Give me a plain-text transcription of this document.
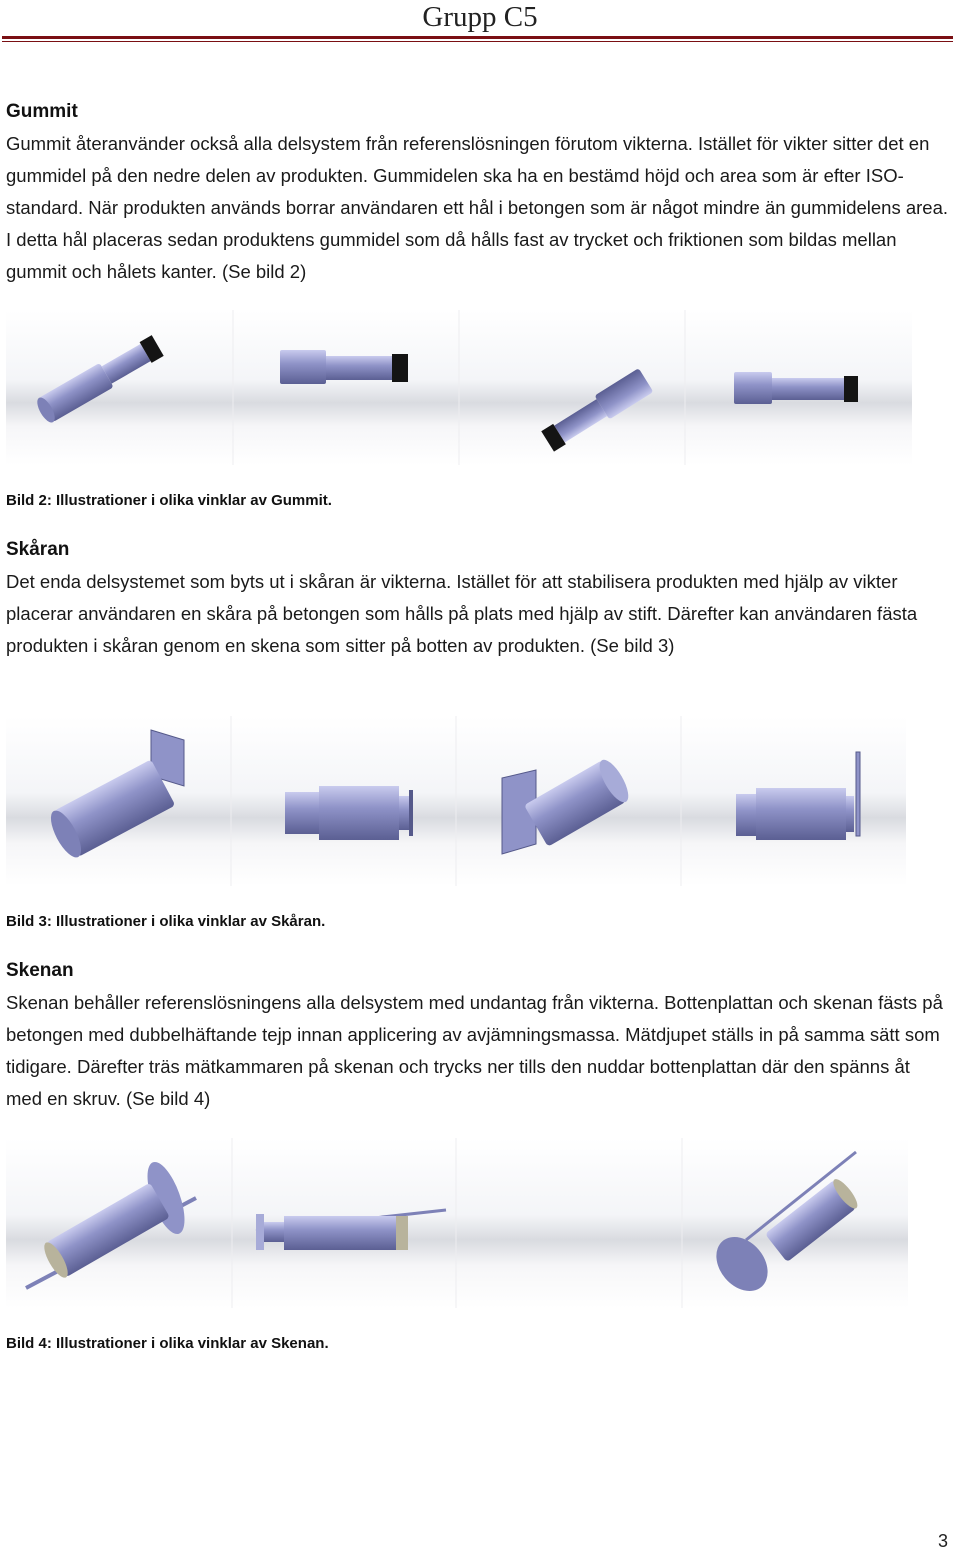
Grupp C5

Gummit

Gummit återanvänder också alla delsystem från referenslösningen förutom vikterna. Istället för vikter sitter det en gummidel på den nedre delen av produkten. Gummidelen ska ha en bestämd höjd och area som är efter ISO-standard. När produkten används borrar användaren ett hål i betongen som är något mindre än gummidelens area. I detta hål placeras sedan produktens gummidel som då hålls fast av trycket och friktionen som bildas mellan gummit och hålets kanter. (Se bild 2)

Bild 2: Illustrationer i olika vinklar av Gummit.

Skåran

Det enda delsystemet som byts ut i skåran är vikterna. Istället för att stabilisera produkten med hjälp av vikter placerar användaren en skåra på betongen som hålls på plats med hjälp av stift. Därefter kan användaren fästa produkten i skåran genom en skena som sitter på botten av produkten. (Se bild 3)

Bild 3: Illustrationer i olika vinklar av Skåran.

Skenan

Skenan behåller referenslösningens alla delsystem med undantag från vikterna. Bottenplattan och skenan fästs på betongen med dubbelhäftande tejp innan applicering av avjämningsmassa. Mätdjupet ställs in på samma sätt som tidigare. Därefter träs mätkammaren på skenan och trycks ner tills den nuddar bottenplattan där den spänns åt med en skruv. (Se bild 4)

Bild 4: Illustrationer i olika vinklar av Skenan.

3
